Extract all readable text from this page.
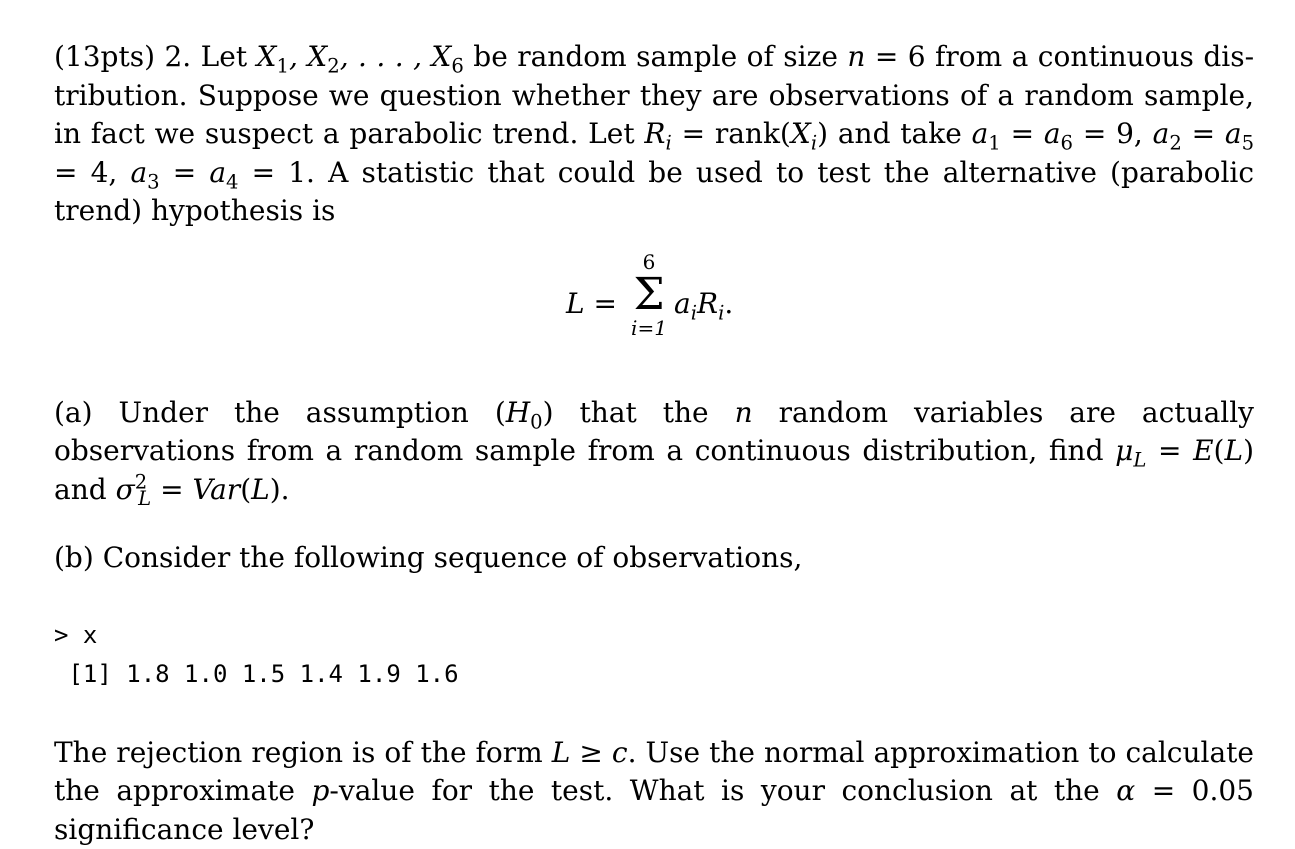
(13pts) 2. Let $X_1$, $X_2$, . . . , $X_6$ be random sample of size n = 6 from a continuous dis-tribution. Suppose we question whether they are observations of a random sample, in fact we suspect a parabolic trend. Let $R_i$ = $rank(X_i)$ and take $a_1 = a_6 = 9$, $a_2 = a_5 = 4$, $a_3 = a_4 = 1$. A statistic that could be used to test the alternative (parabolic trend) hypothesis is

L =
6
Σ
i=1
$a_iR_i$.

(a) Under the assumption $(H_0)$ that the n random variables are actually observations from a random sample from a continuous distribution, find $\mu_L = E(L)$ and $\sigma^2_L = Var(L)$.

(b) Consider the following sequence of observations,

> x
[1] 1.8 1.0 1.5 1.4 1.9 1.6

The rejection region is of the form L ≥ c. Use the normal approximation to calculate the approximate p-value for the test. What is your conclusion at the α = 0.05 significance level?
